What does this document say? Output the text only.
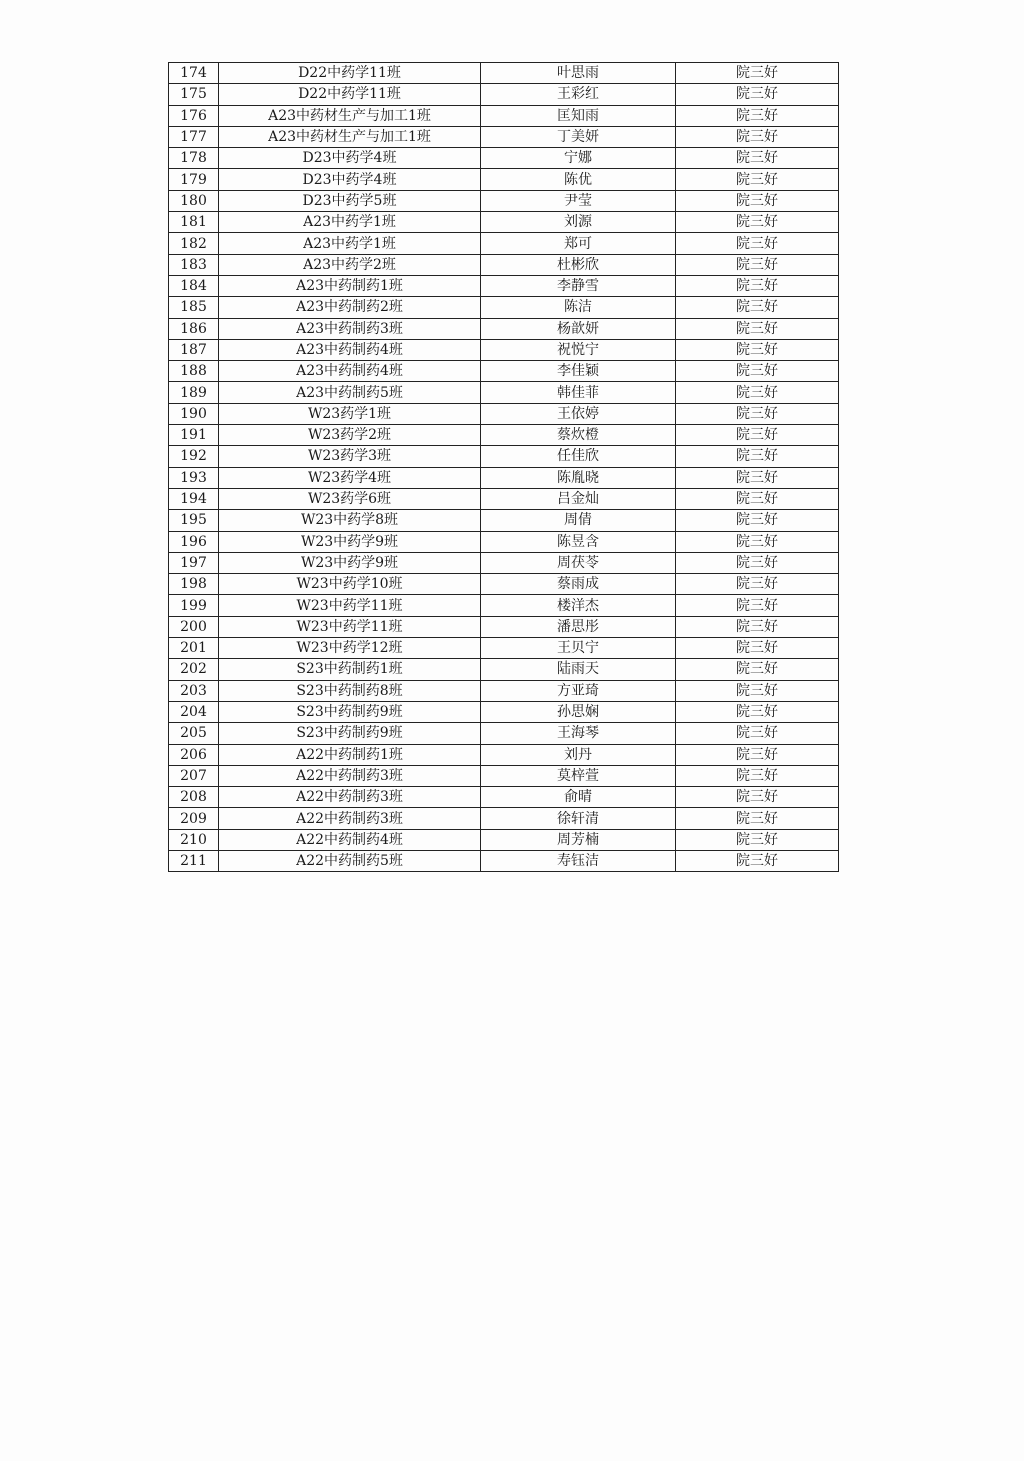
174	D22中药学11班	叶思雨	院三好
175	D22中药学11班	王彩红	院三好
176	A23中药材生产与加工1班	匡知雨	院三好
177	A23中药材生产与加工1班	丁美妍	院三好
178	D23中药学4班	宁娜	院三好
179	D23中药学4班	陈优	院三好
180	D23中药学5班	尹莹	院三好
181	A23中药学1班	刘源	院三好
182	A23中药学1班	郑可	院三好
183	A23中药学2班	杜彬欣	院三好
184	A23中药制药1班	李静雪	院三好
185	A23中药制药2班	陈洁	院三好
186	A23中药制药3班	杨歆妍	院三好
187	A23中药制药4班	祝悦宁	院三好
188	A23中药制药4班	李佳颖	院三好
189	A23中药制药5班	韩佳菲	院三好
190	W23药学1班	王依婷	院三好
191	W23药学2班	蔡炊橙	院三好
192	W23药学3班	任佳欣	院三好
193	W23药学4班	陈胤晓	院三好
194	W23药学6班	吕金灿	院三好
195	W23中药学8班	周倩	院三好
196	W23中药学9班	陈昱含	院三好
197	W23中药学9班	周茯苓	院三好
198	W23中药学10班	蔡雨成	院三好
199	W23中药学11班	楼洋杰	院三好
200	W23中药学11班	潘思彤	院三好
201	W23中药学12班	王贝宁	院三好
202	S23中药制药1班	陆雨天	院三好
203	S23中药制药8班	方亚琦	院三好
204	S23中药制药9班	孙思娴	院三好
205	S23中药制药9班	王海琴	院三好
206	A22中药制药1班	刘丹	院三好
207	A22中药制药3班	莫梓萱	院三好
208	A22中药制药3班	俞晴	院三好
209	A22中药制药3班	徐轩清	院三好
210	A22中药制药4班	周芳楠	院三好
211	A22中药制药5班	寿钰洁	院三好
